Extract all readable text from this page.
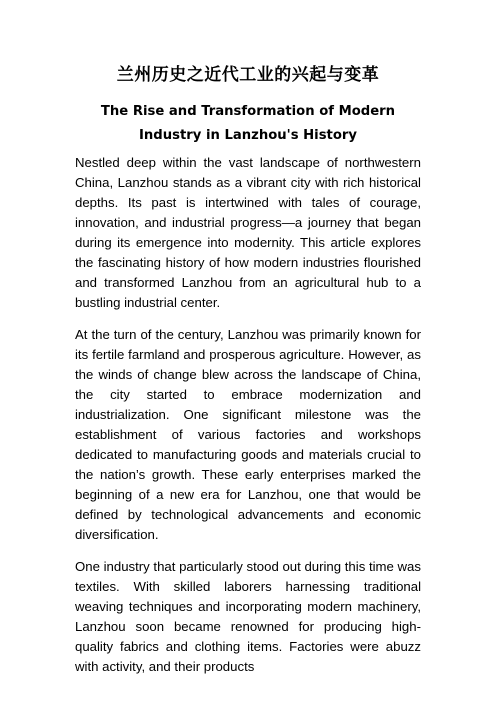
兰州历史之近代工业的兴起与变革
The Rise and Transformation of Modern Industry in Lanzhou's History

Nestled deep within the vast landscape of northwestern China, Lanzhou stands as a vibrant city with rich historical depths. Its past is intertwined with tales of courage, innovation, and industrial progress—a journey that began during its emergence into modernity. This article explores the fascinating history of how modern industries flourished and transformed Lanzhou from an agricultural hub to a bustling industrial center.

At the turn of the century, Lanzhou was primarily known for its fertile farmland and prosperous agriculture. However, as the winds of change blew across the landscape of China, the city started to embrace modernization and industrialization. One significant milestone was the establishment of various factories and workshops dedicated to manufacturing goods and materials crucial to the nation’s growth. These early enterprises marked the beginning of a new era for Lanzhou, one that would be defined by technological advancements and economic diversification.

One industry that particularly stood out during this time was textiles. With skilled laborers harnessing traditional weaving techniques and incorporating modern machinery, Lanzhou soon became renowned for producing high-quality fabrics and clothing items. Factories were abuzz with activity, and their products
